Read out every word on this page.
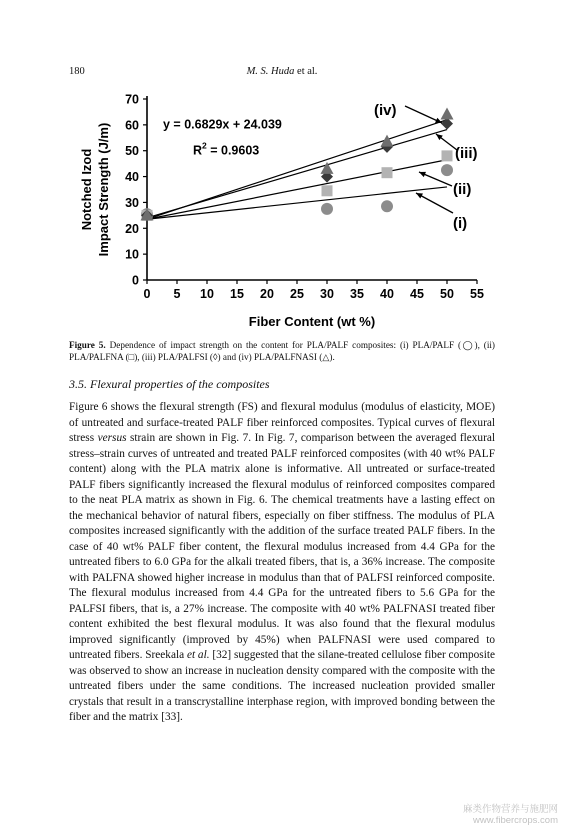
180	M. S. Huda et al.
0 5 10 15 20 25 30 35 40 45 50 55
0
10
20
30
40
50
60
70
Fiber Content (wt %)
Notched Izod Impact Strength (J/m)	y = 0.6829x + 24.039
$R^2 = 0.9603$
(i)
(ii)
(iii)
(iv)
Figure 5. Dependence of impact strength on the content for PLA/PALF composites: (i) PLA/PALF (◯), (ii) PLA/PALFNA (□), (iii) PLA/PALFSI (◊) and (iv) PLA/PALFNASI (△).
3.5. Flexural properties of the composites
Figure 6 shows the flexural strength (FS) and flexural modulus (modulus of elasticity, MOE) of untreated and surface-treated PALF fiber reinforced composites. Typical curves of flexural stress versus strain are shown in Fig. 7. In Fig. 7, comparison between the averaged flexural stress–strain curves of untreated and treated PALF reinforced composites (with 40 wt% PALF content) along with the PLA matrix alone is informative. All untreated or surface-treated PALF fibers significantly increased the flexural modulus of reinforced composites compared to the neat PLA matrix as shown in Fig. 6. The chemical treatments have a lasting effect on the mechanical behavior of natural fibers, especially on fiber stiffness. The modulus of PLA composites increased significantly with the addition of the surface treated PALF fibers. In the case of 40 wt% PALF fiber content, the flexural modulus increased from 4.4 GPa for the untreated fibers to 6.0 GPa for the alkali treated fibers, that is, a 36% increase. The composite with PALFNA showed higher increase in modulus than that of PALFSI reinforced composite. The flexural modulus increased from 4.4 GPa for the untreated fibers to 5.6 GPa for the PALFSI fibers, that is, a 27% increase. The composite with 40 wt% PALFNASI treated fiber content exhibited the best flexural modulus. It was also found that the flexural modulus improved significantly (improved by 45%) when PALFNASI were used compared to untreated fibers. Sreekala et al. [32] suggested that the silane-treated cellulose fiber composite was observed to show an increase in nucleation density compared with the composite with the untreated fibers under the same conditions. The increased nucleation provided smaller crystals that result in a transcrystalline interphase region, with improved bonding between the fiber and the matrix [33].
麻类作物营养与施肥网
www.fibercrops.com
